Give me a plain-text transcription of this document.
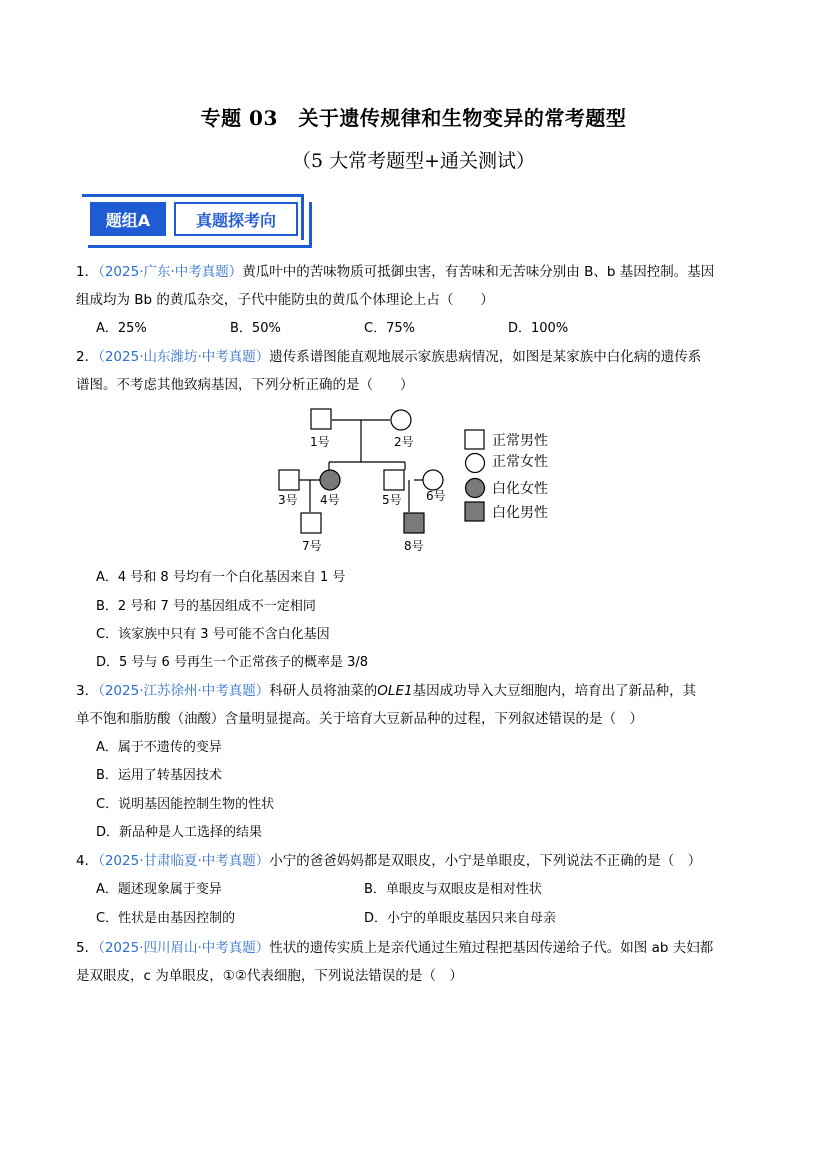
专题 03　关于遗传规律和生物变异的常考题型
（5 大常考题型+通关测试）
题组A	真题探考向
1．（2025·广东·中考真题）黄瓜叶中的苦味物质可抵御虫害，有苦味和无苦味分别由 B、b 基因控制。基因
组成均为 Bb 的黄瓜杂交，子代中能防虫的黄瓜个体理论上占（　　）
A．25%	B．50%	C．75%	D．100%
2．（2025·山东潍坊·中考真题）遗传系谱图能直观地展示家族患病情况，如图是某家族中白化病的遗传系
谱图。不考虑其他致病基因，下列分析正确的是（　　）
1号	2号
3号 4号	5号 6号
7号	8号
正常男性
正常女性
白化女性
白化男性
A．4 号和 8 号均有一个白化基因来自 1 号
B．2 号和 7 号的基因组成不一定相同
C．该家族中只有 3 号可能不含白化基因
D．5 号与 6 号再生一个正常孩子的概率是 3/8
3．（2025·江苏徐州·中考真题）科研人员将油菜的OLE1基因成功导入大豆细胞内，培育出了新品种，其
单不饱和脂肪酸（油酸）含量明显提高。关于培育大豆新品种的过程，下列叙述错误的是（　）
A．属于不遗传的变异
B．运用了转基因技术
C．说明基因能控制生物的性状
D．新品种是人工选择的结果
4．（2025·甘肃临夏·中考真题）小宁的爸爸妈妈都是双眼皮，小宁是单眼皮，下列说法不正确的是（　）
A．题述现象属于变异	B．单眼皮与双眼皮是相对性状
C．性状是由基因控制的	D．小宁的单眼皮基因只来自母亲
5．（2025·四川眉山·中考真题）性状的遗传实质上是亲代通过生殖过程把基因传递给子代。如图 ab 夫妇都
是双眼皮，c 为单眼皮，①②代表细胞，下列说法错误的是（　）
